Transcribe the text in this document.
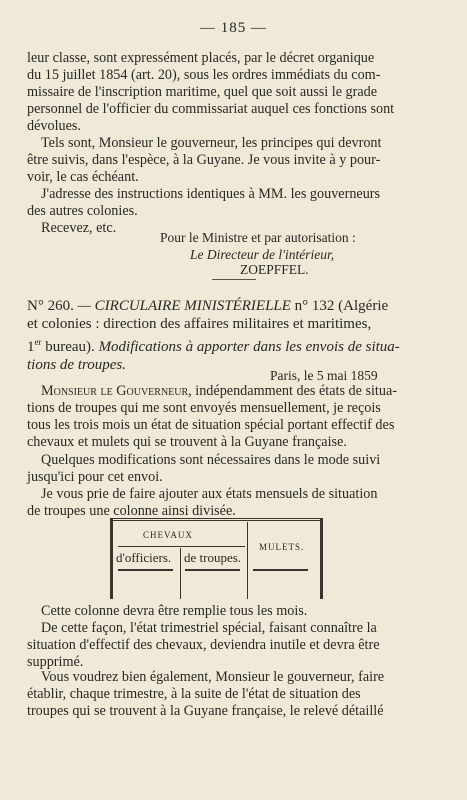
— 185 —
leur classe, sont expressément placés, par le décret organique
du 15 juillet 1854 (art. 20), sous les ordres immédiats du com-
missaire de l'inscription maritime, quel que soit aussi le grade
personnel de l'officier du commissariat auquel ces fonctions sont
dévolues.
Tels sont, Monsieur le gouverneur, les principes qui devront
être suivis, dans l'espèce, à la Guyane. Je vous invite à y pour-
voir, le cas échéant.
J'adresse des instructions identiques à MM. les gouverneurs
des autres colonies.
Recevez, etc.
Pour le Ministre et par autorisation :
Le Directeur de l'intérieur,
ZOEPFFEL.
N° 260. — CIRCULAIRE MINISTÉRIELLE n° 132 (Algérie
et colonies : direction des affaires militaires et maritimes,
1er bureau). Modifications à apporter dans les envois de situa-
tions de troupes.
Paris, le 5 mai 1859
Monsieur le Gouverneur, indépendamment des états de situa-
tions de troupes qui me sont envoyés mensuellement, je reçois
tous les trois mois un état de situation spécial portant effectif des
chevaux et mulets qui se trouvent à la Guyane française.
Quelques modifications sont nécessaires dans le mode suivi
jusqu'ici pour cet envoi.
Je vous prie de faire ajouter aux états mensuels de situation
de troupes une colonne ainsi divisée.
CHEVAUX
d'officiers. de troupes.
MULETS.
Cette colonne devra être remplie tous les mois.
De cette façon, l'état trimestriel spécial, faisant connaître la
situation d'effectif des chevaux, deviendra inutile et devra être
supprimé.
Vous voudrez bien également, Monsieur le gouverneur, faire
établir, chaque trimestre, à la suite de l'état de situation des
troupes qui se trouvent à la Guyane française, le relevé détaillé
